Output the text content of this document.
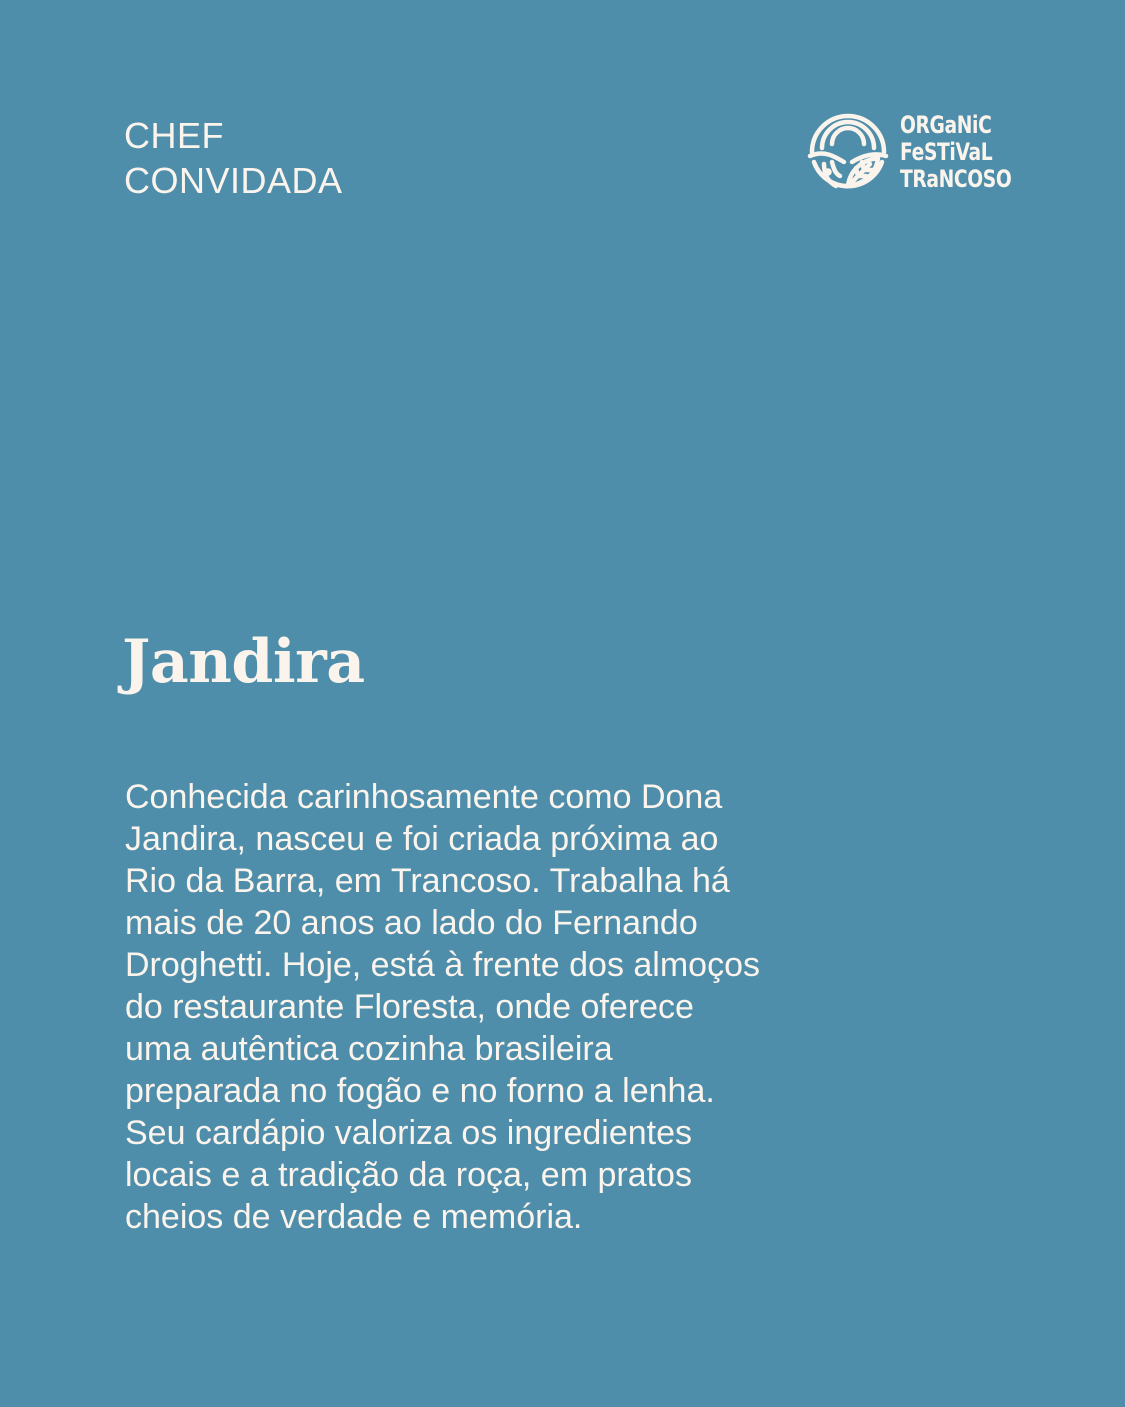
CHEF
CONVIDADA
ORGaNiC
FeSTiVaL
TRaNCOSO
Jandira

Conhecida carinhosamente como Dona Jandira, nasceu e foi criada próxima ao Rio da Barra, em Trancoso. Trabalha há mais de 20 anos ao lado do Fernando Droghetti. Hoje, está à frente dos almoços do restaurante Floresta, onde oferece uma autêntica cozinha brasileira preparada no fogão e no forno a lenha. Seu cardápio valoriza os ingredientes locais e a tradição da roça, em pratos cheios de verdade e memória.
